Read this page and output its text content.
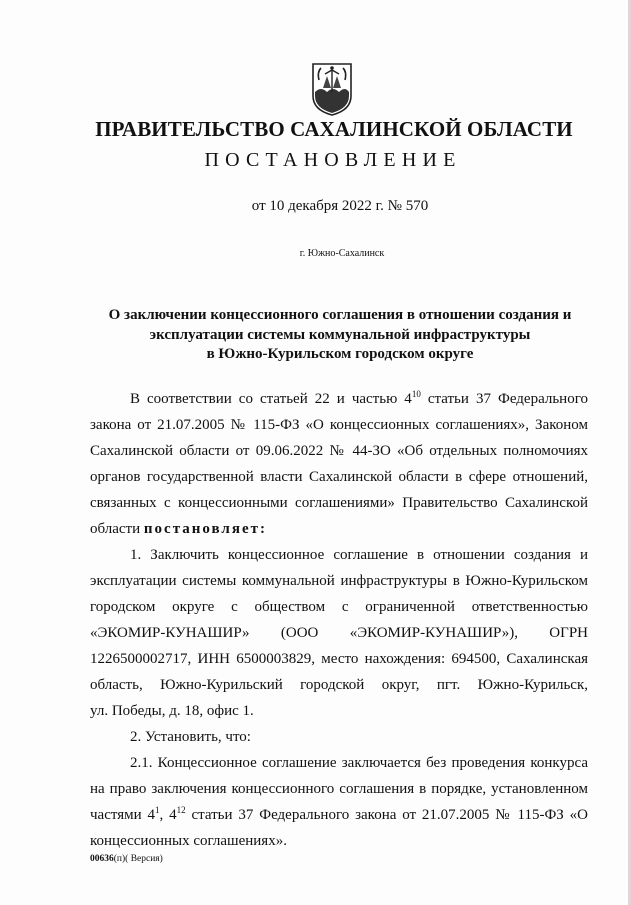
ПРАВИТЕЛЬСТВО САХАЛИНСКОЙ ОБЛАСТИ
ПОСТАНОВЛЕНИЕ
от 10 декабря 2022 г. № 570
г. Южно-Сахалинск
О заключении концессионного соглашения в отношении создания и
эксплуатации системы коммунальной инфраструктуры
в Южно-Курильском городском округе
В соответствии со статьей 22 и частью $4^{10}$ статьи 37 Федерального
закона от 21.07.2005 № 115-ФЗ «О концессионных соглашениях», Законом
Сахалинской области от 09.06.2022 № 44-ЗО «Об отдельных полномочиях
органов государственной власти Сахалинской области в сфере отношений,
связанных с концессионными соглашениями» Правительство Сахалинской
области постановляет:
1. Заключить концессионное соглашение в отношении создания и
эксплуатации системы коммунальной инфраструктуры в Южно-Курильском
городском округе с обществом с ограниченной ответственностью
«ЭКОМИР-КУНАШИР» (ООО «ЭКОМИР-КУНАШИР»), ОГРН
1226500002717, ИНН 6500003829, место нахождения: 694500, Сахалинская
область, Южно-Курильский городской округ, пгт. Южно-Курильск,
ул. Победы, д. 18, офис 1.
2. Установить, что:
2.1. Концессионное соглашение заключается без проведения конкурса
на право заключения концессионного соглашения в порядке, установленном
частями $4^1$, $4^{12}$ статьи 37 Федерального закона от 21.07.2005 № 115-ФЗ «О
концессионных соглашениях».
00636(п)( Версия)
